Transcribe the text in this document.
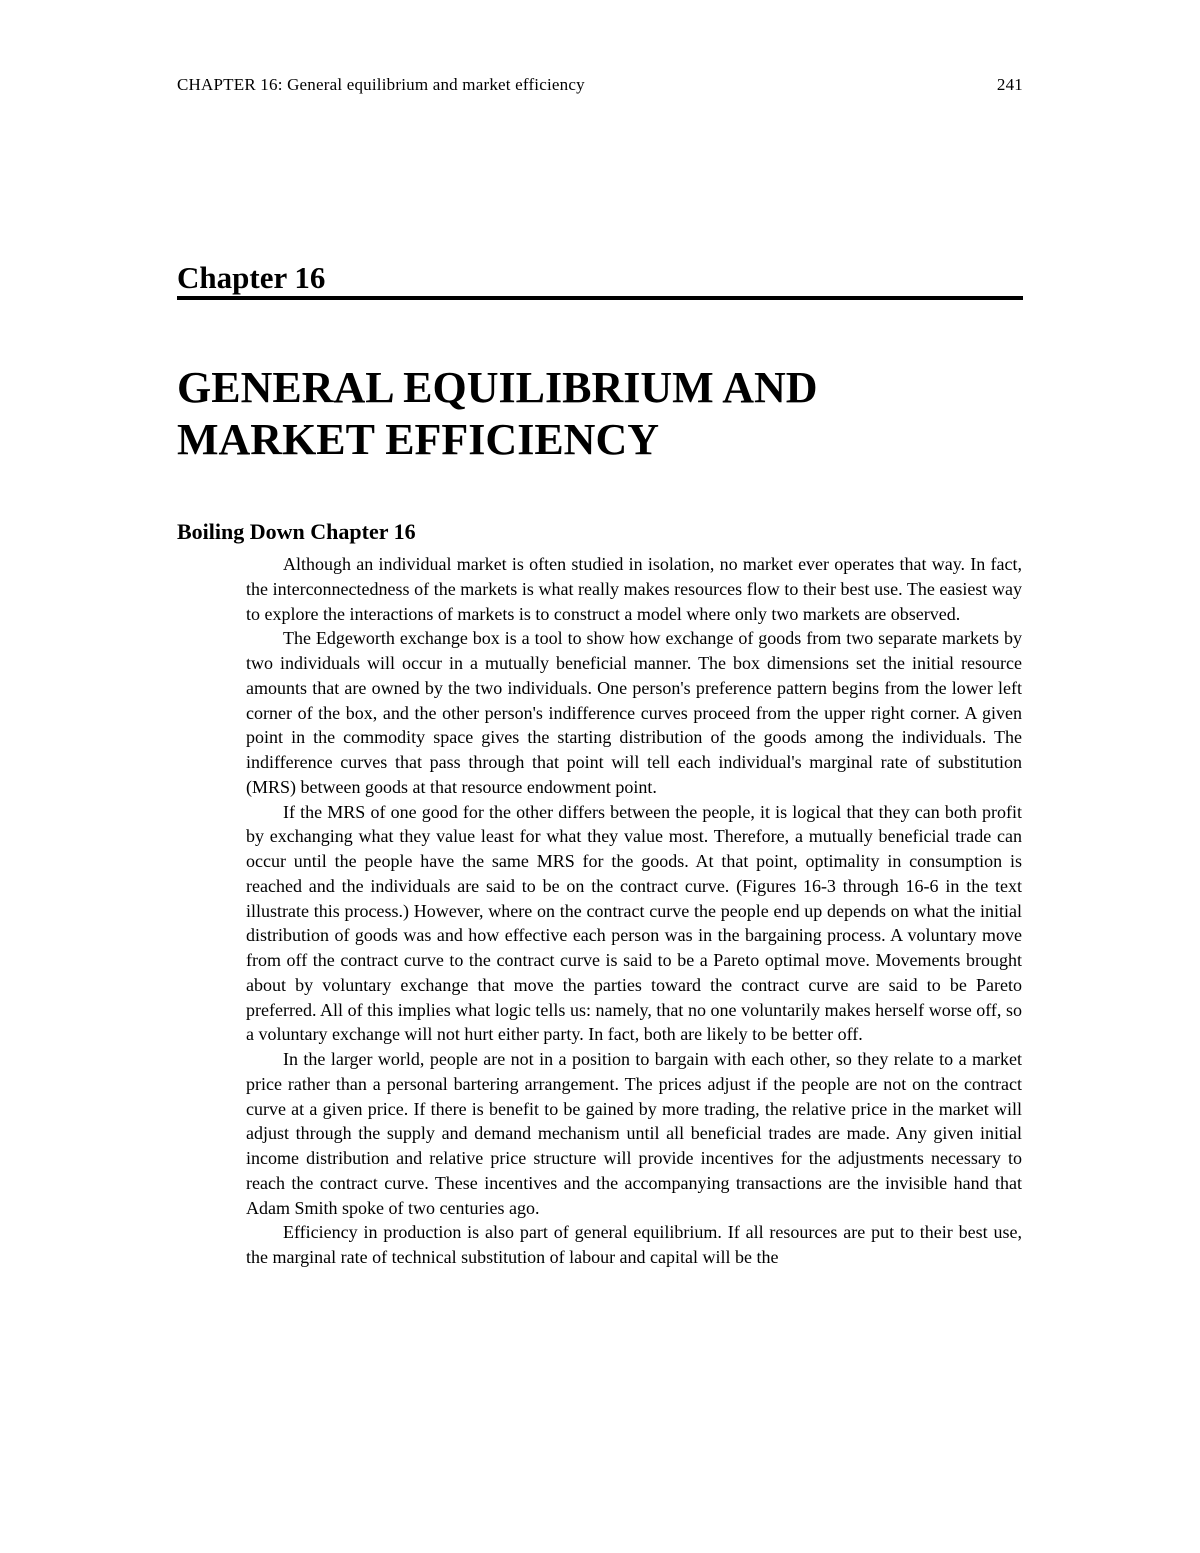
CHAPTER 16: General equilibrium and market efficiency	241
Chapter 16
GENERAL EQUILIBRIUM AND
MARKET EFFICIENCY
Boiling Down Chapter 16

Although an individual market is often studied in isolation, no market ever operates that way. In fact, the interconnectedness of the markets is what really makes resources flow to their best use. The easiest way to explore the interactions of markets is to construct a model where only two markets are observed.

The Edgeworth exchange box is a tool to show how exchange of goods from two separate markets by two individuals will occur in a mutually beneficial manner. The box dimensions set the initial resource amounts that are owned by the two individuals. One person's preference pattern begins from the lower left corner of the box, and the other person's indifference curves proceed from the upper right corner. A given point in the commodity space gives the starting distribution of the goods among the individuals. The indifference curves that pass through that point will tell each individual's marginal rate of substitution (MRS) between goods at that resource endowment point.

If the MRS of one good for the other differs between the people, it is logical that they can both profit by exchanging what they value least for what they value most. Therefore, a mutually beneficial trade can occur until the people have the same MRS for the goods. At that point, optimality in consumption is reached and the individuals are said to be on the contract curve. (Figures 16-3 through 16-6 in the text illustrate this process.) However, where on the contract curve the people end up depends on what the initial distribution of goods was and how effective each person was in the bargaining process. A voluntary move from off the contract curve to the contract curve is said to be a Pareto optimal move. Movements brought about by voluntary exchange that move the parties toward the contract curve are said to be Pareto preferred. All of this implies what logic tells us: namely, that no one voluntarily makes herself worse off, so a voluntary exchange will not hurt either party. In fact, both are likely to be better off.

In the larger world, people are not in a position to bargain with each other, so they relate to a market price rather than a personal bartering arrangement. The prices adjust if the people are not on the contract curve at a given price. If there is benefit to be gained by more trading, the relative price in the market will adjust through the supply and demand mechanism until all beneficial trades are made. Any given initial income distribution and relative price structure will provide incentives for the adjustments necessary to reach the contract curve. These incentives and the accompanying transactions are the invisible hand that Adam Smith spoke of two centuries ago.

Efficiency in production is also part of general equilibrium. If all resources are put to their best use, the marginal rate of technical substitution of labour and capital will be the
